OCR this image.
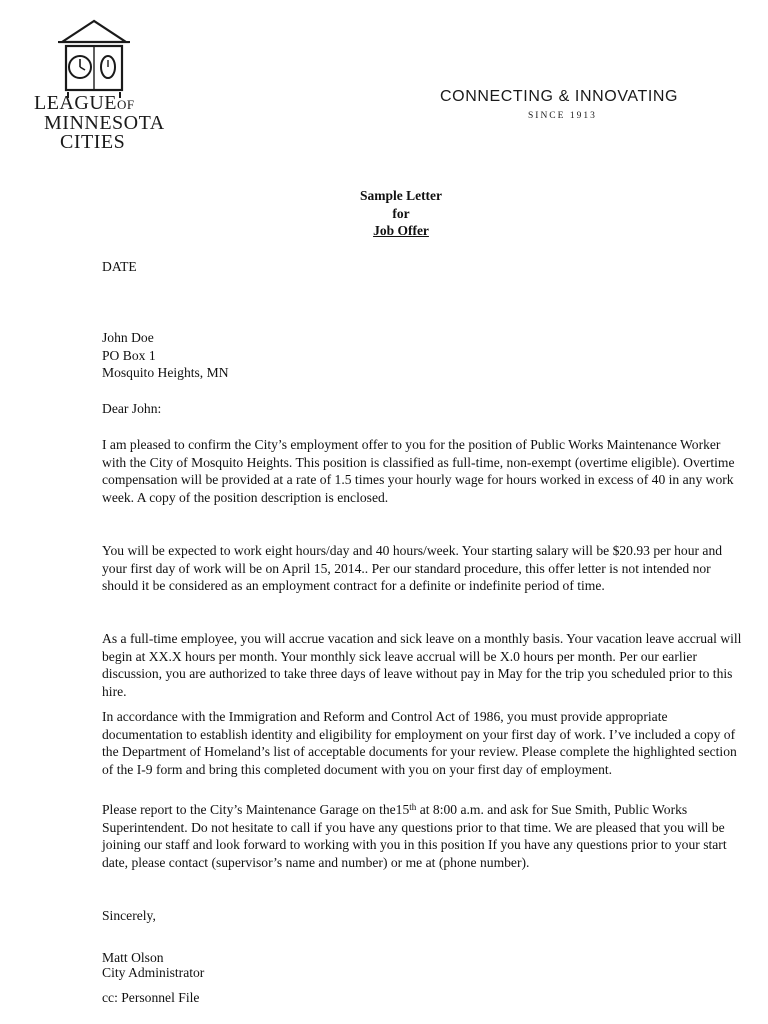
LEAGUEOF
MINNESOTA
CITIES
CONNECTING & INNOVATING
SINCE 1913
Sample Letter
for
Job Offer

DATE

John Doe

PO Box 1

Mosquito Heights, MN

Dear John:

I am pleased to confirm the City’s employment offer to you for the position of Public Works Maintenance Worker with the City of Mosquito Heights. This position is classified as full-time, non-exempt (overtime eligible). Overtime compensation will be provided at a rate of 1.5 times your hourly wage for hours worked in excess of 40 in any work week. A copy of the position description is enclosed.

You will be expected to work eight hours/day and 40 hours/week. Your starting salary will be $20.93 per hour and your first day of work will be on April 15, 2014.. Per our standard procedure, this offer letter is not intended nor should it be considered as an employment contract for a definite or indefinite period of time.

As a full-time employee, you will accrue vacation and sick leave on a monthly basis. Your vacation leave accrual will begin at XX.X hours per month. Your monthly sick leave accrual will be X.0 hours per month. Per our earlier discussion, you are authorized to take three days of leave without pay in May for the trip you scheduled prior to this hire.

In accordance with the Immigration and Reform and Control Act of 1986, you must provide appropriate documentation to establish identity and eligibility for employment on your first day of work. I’ve included a copy of the Department of Homeland’s list of acceptable documents for your review. Please complete the highlighted section of the I-9 form and bring this completed document with you on your first day of employment.

Please report to the City’s Maintenance Garage on the15th at 8:00 a.m. and ask for Sue Smith, Public Works Superintendent. Do not hesitate to call if you have any questions prior to that time. We are pleased that you will be joining our staff and look forward to working with you in this position If you have any questions prior to your start date, please contact (supervisor’s name and number) or me at (phone number).

Sincerely,

Matt Olson

City Administrator

cc: Personnel File
